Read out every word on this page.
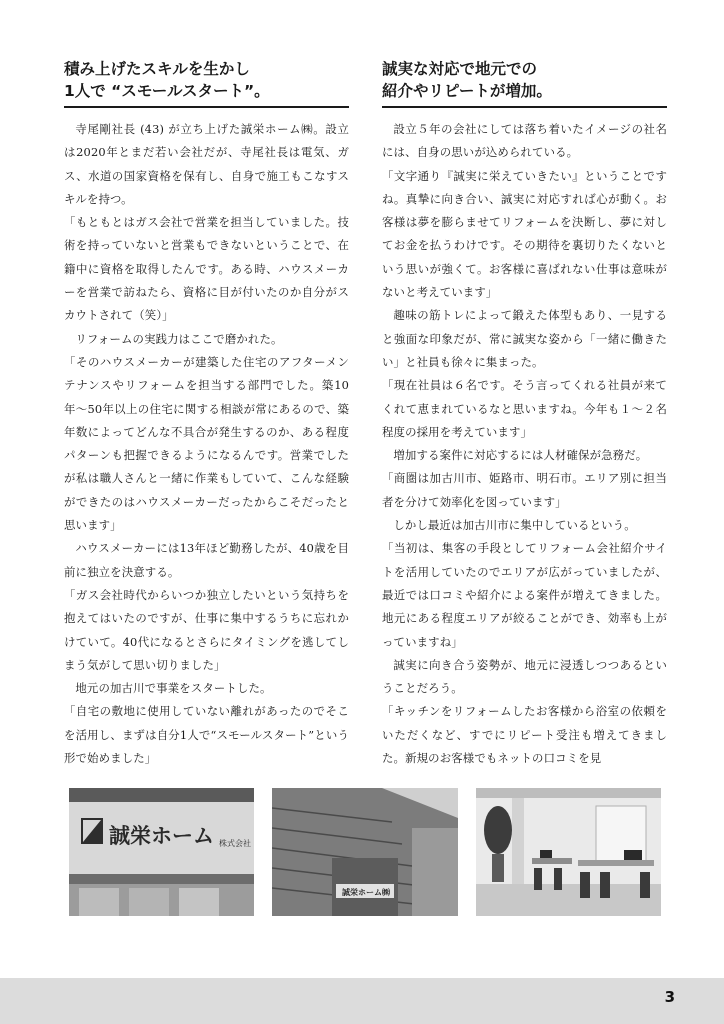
積み上げたスキルを生かし
1人で “スモールスタート”。

寺尾剛社長 (43) が立ち上げた誠栄ホーム㈱。設立は2020年とまだ若い会社だが、寺尾社長は電気、ガス、水道の国家資格を保有し、自身で施工もこなすスキルを持つ。

「もともとはガス会社で営業を担当していました。技術を持っていないと営業もできないということで、在籍中に資格を取得したんです。ある時、ハウスメーカーを営業で訪ねたら、資格に目が付いたのか自分がスカウトされて（笑）」

リフォームの実践力はここで磨かれた。

「そのハウスメーカーが建築した住宅のアフターメンテナンスやリフォームを担当する部門でした。築10年〜50年以上の住宅に関する相談が常にあるので、築年数によってどんな不具合が発生するのか、ある程度パターンも把握できるようになるんです。営業でしたが私は職人さんと一緒に作業もしていて、こんな経験ができたのはハウスメーカーだったからこそだったと思います」

ハウスメーカーには13年ほど勤務したが、40歳を目前に独立を決意する。

「ガス会社時代からいつか独立したいという気持ちを抱えてはいたのですが、仕事に集中するうちに忘れかけていて。40代になるとさらにタイミングを逃してしまう気がして思い切りました」

地元の加古川で事業をスタートした。

「自宅の敷地に使用していない離れがあったのでそこを活用し、まずは自分1人で“スモールスタート”という形で始めました」

誠実な対応で地元での
紹介やリピートが増加。

設立５年の会社にしては落ち着いたイメージの社名には、自身の思いが込められている。

「文字通り『誠実に栄えていきたい』ということですね。真摯に向き合い、誠実に対応すれば心が動く。お客様は夢を膨らませてリフォームを決断し、夢に対してお金を払うわけです。その期待を裏切りたくないという思いが強くて。お客様に喜ばれない仕事は意味がないと考えています」

趣味の筋トレによって鍛えた体型もあり、一見すると強面な印象だが、常に誠実な姿から「一緒に働きたい」と社員も徐々に集まった。

「現在社員は６名です。そう言ってくれる社員が来てくれて恵まれているなと思いますね。今年も１〜２名程度の採用を考えています」

増加する案件に対応するには人材確保が急務だ。

「商圏は加古川市、姫路市、明石市。エリア別に担当者を分けて効率化を図っています」

しかし最近は加古川市に集中しているという。

「当初は、集客の手段としてリフォーム会社紹介サイトを活用していたのでエリアが広がっていましたが、最近では口コミや紹介による案件が増えてきました。地元にある程度エリアが絞ることができ、効率も上がっていますね」

誠実に向き合う姿勢が、地元に浸透しつつあるということだろう。

「キッチンをリフォームしたお客様から浴室の依頼をいただくなど、すでにリピート受注も増えてきました。新規のお客様でもネットの口コミを見

誠栄ホーム 株式会社
誠栄ホーム㈱
3
